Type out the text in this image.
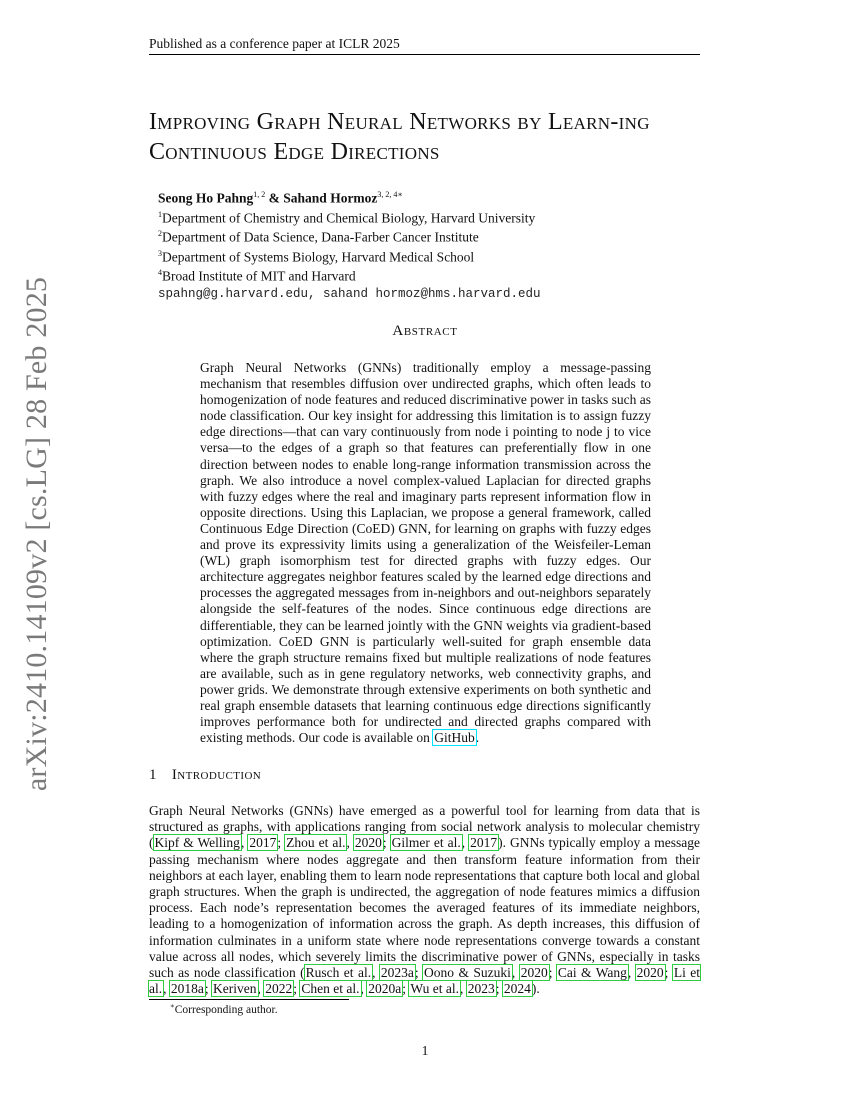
Published as a conference paper at ICLR 2025
arXiv:2410.14109v2 [cs.LG] 28 Feb 2025
Improving Graph Neural Networks by Learn-ing Continuous Edge Directions
Seong Ho Pahng$^{1, 2}$ & Sahand Hormoz$^{3, 2, 4∗}$
$^1$Department of Chemistry and Chemical Biology, Harvard University
$^2$Department of Data Science, Dana-Farber Cancer Institute
$^3$Department of Systems Biology, Harvard Medical School
$^4$Broad Institute of MIT and Harvard
spahng@g.harvard.edu, sahand hormoz@hms.harvard.edu
Abstract
Graph Neural Networks (GNNs) traditionally employ a message-passing mechanism that resembles diffusion over undirected graphs, which often leads to homogenization of node features and reduced discriminative power in tasks such as node classification. Our key insight for addressing this limitation is to assign fuzzy edge directions—that can vary continuously from node i pointing to node j to vice versa—to the edges of a graph so that features can preferentially flow in one direction between nodes to enable long-range information transmission across the graph. We also introduce a novel complex-valued Laplacian for directed graphs with fuzzy edges where the real and imaginary parts represent information flow in opposite directions. Using this Laplacian, we propose a general framework, called Continuous Edge Direction (CoED) GNN, for learning on graphs with fuzzy edges and prove its expressivity limits using a generalization of the Weisfeiler-Leman (WL) graph isomorphism test for directed graphs with fuzzy edges. Our architecture aggregates neighbor features scaled by the learned edge directions and processes the aggregated messages from in-neighbors and out-neighbors separately alongside the self-features of the nodes. Since continuous edge directions are differentiable, they can be learned jointly with the GNN weights via gradient-based optimization. CoED GNN is particularly well-suited for graph ensemble data where the graph structure remains fixed but multiple realizations of node features are available, such as in gene regulatory networks, web connectivity graphs, and power grids. We demonstrate through extensive experiments on both synthetic and real graph ensemble datasets that learning continuous edge directions significantly improves performance both for undirected and directed graphs compared with existing methods. Our code is available on GitHub.
1 Introduction
Graph Neural Networks (GNNs) have emerged as a powerful tool for learning from data that is structured as graphs, with applications ranging from social network analysis to molecular chemistry (Kipf & Welling, 2017; Zhou et al., 2020; Gilmer et al., 2017). GNNs typically employ a message passing mechanism where nodes aggregate and then transform feature information from their neighbors at each layer, enabling them to learn node representations that capture both local and global graph structures. When the graph is undirected, the aggregation of node features mimics a diffusion process. Each node’s representation becomes the averaged features of its immediate neighbors, leading to a homogenization of information across the graph. As depth increases, this diffusion of information culminates in a uniform state where node representations converge towards a constant value across all nodes, which severely limits the discriminative power of GNNs, especially in tasks such as node classification (Rusch et al., 2023a; Oono & Suzuki, 2020; Cai & Wang, 2020; Li et al., 2018a; Keriven, 2022; Chen et al., 2020a; Wu et al., 2023; 2024).
∗Corresponding author.
1
